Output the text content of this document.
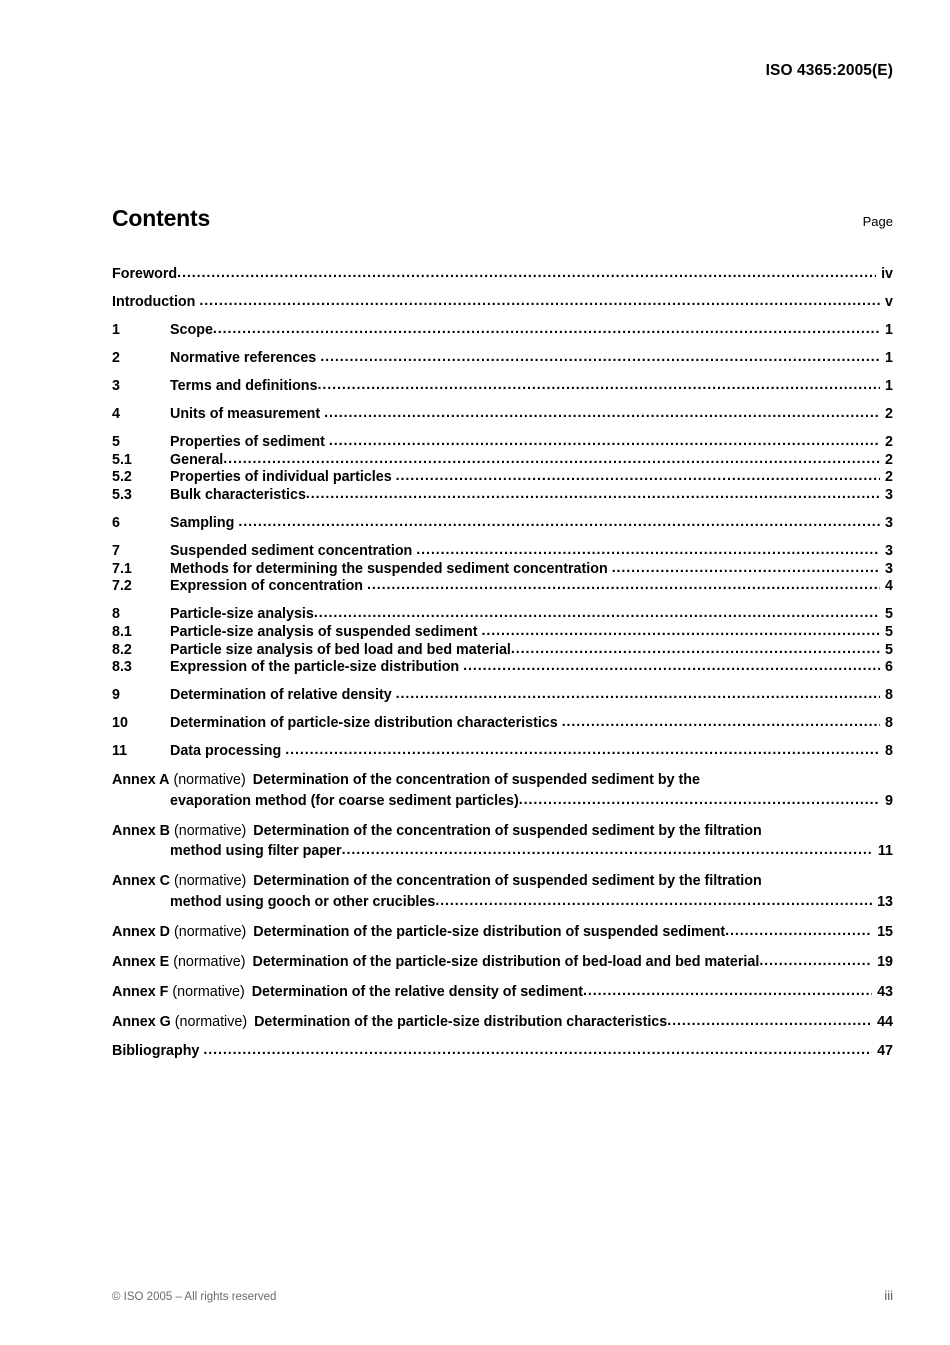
ISO 4365:2005(E)
Contents	Page
Foreword .....	iv
Introduction .....	v
1	Scope .....	1
2	Normative references .....	1
3	Terms and definitions .....	1
4	Units of measurement .....	2
5	Properties of sediment .....	2
5.1	General .....	2
5.2	Properties of individual particles .....	2
5.3	Bulk characteristics .....	3
6	Sampling .....	3
7	Suspended sediment concentration .....	3
7.1	Methods for determining the suspended sediment concentration .....	3
7.2	Expression of concentration .....	4
8	Particle-size analysis .....	5
8.1	Particle-size analysis of suspended sediment .....	5
8.2	Particle size analysis of bed load and bed material .....	5
8.3	Expression of the particle-size distribution .....	6
9	Determination of relative density .....	8
10	Determination of particle-size distribution characteristics .....	8
11	Data processing .....	8
Annex A (normative) Determination of the concentration of suspended sediment by the
evaporation method (for coarse sediment particles) .....	9
Annex B (normative) Determination of the concentration of suspended sediment by the filtration
method using filter paper .....	11
Annex C (normative) Determination of the concentration of suspended sediment by the filtration
method using gooch or other crucibles .....	13
Annex D (normative) Determination of the particle-size distribution of suspended sediment .....	15
Annex E (normative) Determination of the particle-size distribution of bed-load and bed material .....	19
Annex F (normative) Determination of the relative density of sediment .....	43
Annex G (normative) Determination of the particle-size distribution characteristics .....	44
Bibliography .....	47
© ISO 2005 – All rights reserved	iii
